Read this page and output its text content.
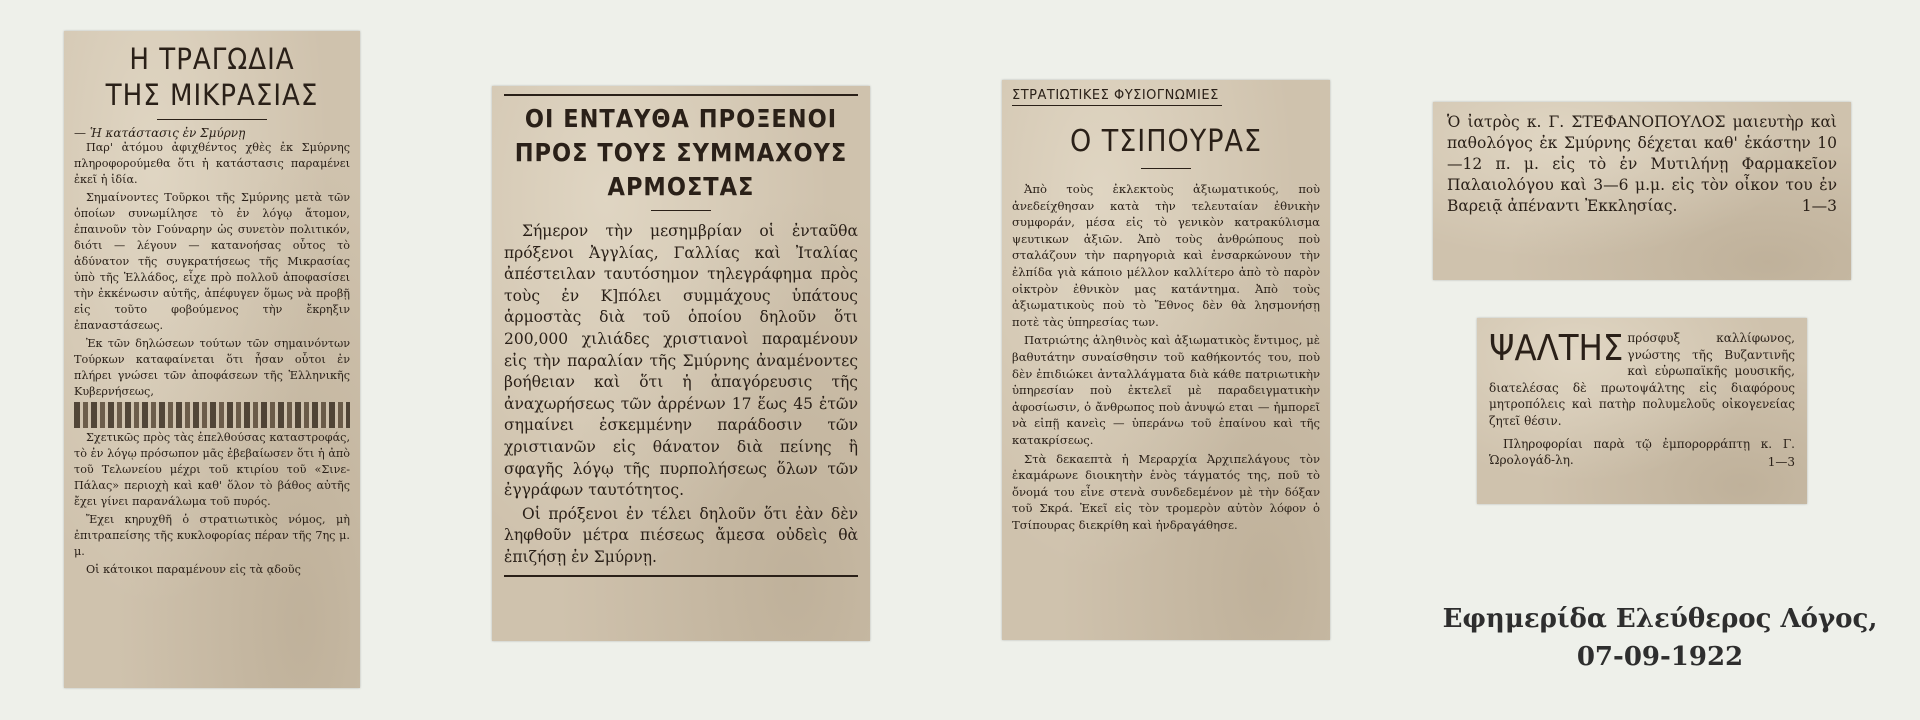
Η ΤΡΑΓΩΔΙΑ
ΤΗΣ ΜΙΚΡΑΣΙΑΣ
— Ἡ κατάστασις ἐν Σμύρνῃ

Παρ' ἀτόμου ἀφιχθέντος χθὲς ἐκ Σμύρνης πληροφορούμεθα ὅτι ἡ κατάστασις παραμένει ἐκεῖ ἡ ἰδία.

Σημαίνοντες Τοῦρκοι τῆς Σμύρνης μετὰ τῶν ὁποίων συνωμίλησε τὸ ἐν λόγῳ ἄτομον, ἐπαινοῦν τὸν Γούναρην ὡς συνετὸν πολιτικόν, διότι — λέγουν — κατανοήσας οὗτος τὸ ἀδύνατον τῆς συγκρατήσεως τῆς Μικρασίας ὑπὸ τῆς Ἑλλάδος, εἶχε πρὸ πολλοῦ ἀποφασίσει τὴν ἐκκένωσιν αὐτῆς, ἀπέφυγεν ὅμως νὰ προβῇ εἰς τοῦτο φοβούμενος τὴν ἔκρηξιν ἐπαναστάσεως.

Ἐκ τῶν δηλώσεων τούτων τῶν σημαινόντων Τούρκων καταφαίνεται ὅτι ἦσαν οὗτοι ἐν πλήρει γνώσει τῶν ἀποφάσεων τῆς Ἑλληνικῆς Κυβερνήσεως,

Σχετικῶς πρὸς τὰς ἐπελθούσας καταστροφάς, τὸ ἐν λόγῳ πρόσωπον μᾶς ἐβεβαίωσεν ὅτι ἡ ἀπὸ τοῦ Τελωνείου μέχρι τοῦ κτιρίου τοῦ «Σινε-Πάλας» περιοχὴ καὶ καθ' ὅλον τὸ βάθος αὐτῆς ἔχει γίνει παρανάλωμα τοῦ πυρός.

Ἔχει κηρυχθῆ ὁ στρατιωτικὸς νόμος, μὴ ἐπιτραπείσης τῆς κυκλοφορίας πέραν τῆς 7ης μ. μ.

Οἱ κάτοικοι παραμένουν εἰς τὰ ᾳδοῦς

ΟΙ ΕΝΤΑΥΘΑ ΠΡΟΞΕΝΟΙ
ΠΡΟΣ ΤΟΥΣ ΣΥΜΜΑΧΟΥΣ ΑΡΜΟΣΤΑΣ

Σήμερον τὴν μεσημβρίαν οἱ ἐνταῦθα πρόξενοι Ἀγγλίας, Γαλλίας καὶ Ἰταλίας ἀπέστειλαν ταυτόσημον τηλεγράφημα πρὸς τοὺς ἐν Κ]πόλει συμμάχους ὑπάτους ἁρμοστὰς διὰ τοῦ ὁποίου δηλοῦν ὅτι 200,000 χιλιάδες χριστιανοὶ παραμένουν εἰς τὴν παραλίαν τῆς Σμύρνης ἀναμένοντες βοήθειαν καὶ ὅτι ἡ ἀπαγόρευσις τῆς ἀναχωρήσεως τῶν ἀρρένων 17 ἕως 45 ἐτῶν σημαίνει ἐσκεμμένην παράδοσιν τῶν χριστιανῶν εἰς θάνατον διὰ πείνης ἢ σφαγῆς λόγῳ τῆς πυρπολήσεως ὅλων τῶν ἐγγράφων ταυτότητος.

Οἱ πρόξενοι ἐν τέλει δηλοῦν ὅτι ἐὰν δὲν ληφθοῦν μέτρα πιέσεως ἄμεσα οὐδεὶς θὰ ἐπιζήσῃ ἐν Σμύρνῃ.

ΣΤΡΑΤΙΩΤΙΚΕΣ ΦΥΣΙΟΓΝΩΜΙΕΣ
Ο ΤΣΙΠΟΥΡΑΣ

Ἀπὸ τοὺς ἐκλεκτοὺς ἀξιωματικούς, ποὺ ἀνεδείχθησαν κατὰ τὴν τελευταίαν ἐθνικὴν συμφοράν, μέσα εἰς τὸ γενικὸν κατρακύλισμα ψευτικων ἀξιῶν. Ἀπὸ τοὺς ἀνθρώπους ποὺ σταλάζουν τὴν παρηγοριὰ καὶ ἐνσαρκώνουν τὴν ἐλπίδα γιὰ κάποιο μέλλον καλλίτερο ἀπὸ τὸ παρὸν οἰκτρὸν ἐθνικὸν μας κατάντημα. Ἀπὸ τοὺς ἀξιωματικοὺς ποὺ τὸ Ἔθνος δὲν θὰ λησμονήσῃ ποτὲ τὰς ὑπηρεσίας των.

Πατριώτης ἀληθινὸς καὶ ἀξιωματικὸς ἔντιμος, μὲ βαθυτάτην συναίσθησιν τοῦ καθήκοντός του, ποὺ δὲν ἐπιδιώκει ἀνταλλάγματα διὰ κάθε πατριωτικὴν ὑπηρεσίαν ποὺ ἐκτελεῖ μὲ παραδειγματικὴν ἀφοσίωσιν, ὁ ἄνθρωπος ποὺ ἀνυψώ εται — ἠμπορεῖ νὰ εἰπῇ κανεὶς — ὑπεράνω τοῦ ἐπαίνου καὶ τῆς κατακρίσεως.

Στὰ δεκαεπτὰ ἡ Μεραρχία Ἀρχιπελάγους τὸν ἐκαμάρωνε διοικητὴν ἑνὸς τάγματός της, ποῦ τὸ ὄνομά του εἶνε στενὰ συνδεδεμένον μὲ τὴν δόξαν τοῦ Σκρά. Ἐκεῖ εἰς τὸν τρομερὸν αὐτὸν λόφον ὁ Τσίπουρας διεκρίθη καὶ ἠνδραγάθησε.

Ὁ ἰατρὸς κ. Γ. ΣΤΕΦΑΝΟΠΟΥΛΟΣ μαιευτὴρ καὶ παθολόγος ἐκ Σμύρνης δέχεται καθ' ἑκάστην 10—12 π. μ. εἰς τὸ ἐν Μυτιλήνῃ Φαρμακεῖον Παλαιολόγου καὶ 3—6 μ.μ. εἰς τὸν οἶκον του ἐν Βαρειᾷ ἀπέναντι Ἐκκλησίας.	1—3
ΨΑΛΤΗΣ πρόσφυξ καλλίφωνος, γνώστης τῆς Βυζαντινῆς καὶ εὐρωπαϊκῆς μουσικῆς, διατελέσας δὲ πρωτοψάλτης εἰς διαφόρους μητροπόλεις καὶ πατὴρ πολυμελοῦς οἰκογενείας ζητεῖ θέσιν.

Πληροφορίαι παρὰ τῷ ἐμπορορράπτῃ κ. Γ. Ὡρολογάδ-λη.	1—3
Εφημερίδα Ελεύθερος Λόγος,
07-09-1922
